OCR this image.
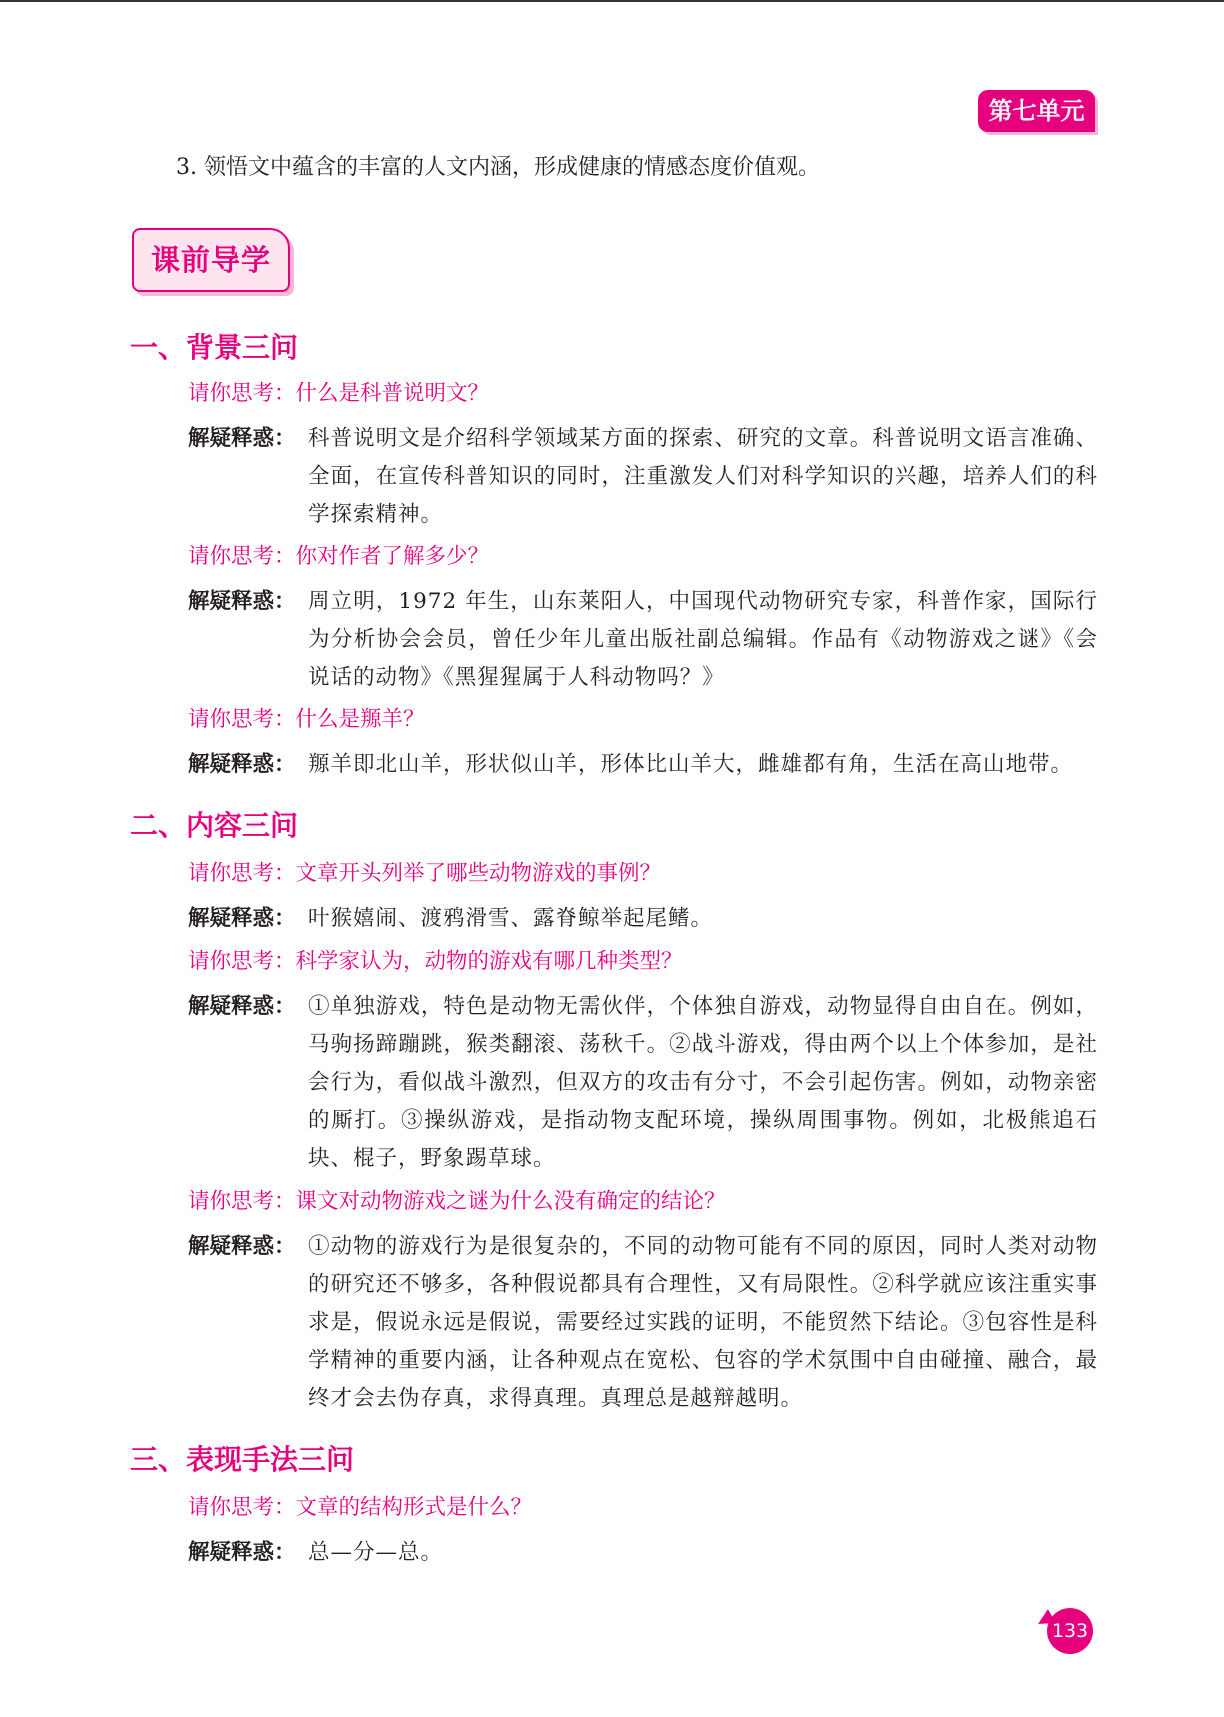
第七单元
3. 领悟文中蕴含的丰富的人文内涵，形成健康的情感态度价值观。
课前导学
一、背景三问
请你思考：什么是科普说明文？
解疑释惑： 科普说明文是介绍科学领域某方面的探索、研究的文章。科普说明文语言准确、全面，在宣传科普知识的同时，注重激发人们对科学知识的兴趣，培养人们的科学探索精神。
请你思考：你对作者了解多少？
解疑释惑： 周立明，1972 年生，山东莱阳人，中国现代动物研究专家，科普作家，国际行为分析协会会员，曾任少年儿童出版社副总编辑。作品有《动物游戏之谜》《会说话的动物》《黑猩猩属于人科动物吗？》
请你思考：什么是羱羊？
解疑释惑： 羱羊即北山羊，形状似山羊，形体比山羊大，雌雄都有角，生活在高山地带。
二、内容三问
请你思考：文章开头列举了哪些动物游戏的事例？
解疑释惑： 叶猴嬉闹、渡鸦滑雪、露脊鲸举起尾鳍。
请你思考：科学家认为，动物的游戏有哪几种类型？
解疑释惑： ①单独游戏，特色是动物无需伙伴，个体独自游戏，动物显得自由自在。例如，马驹扬蹄蹦跳，猴类翻滚、荡秋千。②战斗游戏，得由两个以上个体参加，是社会行为，看似战斗激烈，但双方的攻击有分寸，不会引起伤害。例如，动物亲密的厮打。③操纵游戏，是指动物支配环境，操纵周围事物。例如，北极熊追石块、棍子，野象踢草球。
请你思考：课文对动物游戏之谜为什么没有确定的结论？
解疑释惑： ①动物的游戏行为是很复杂的，不同的动物可能有不同的原因，同时人类对动物的研究还不够多，各种假说都具有合理性，又有局限性。②科学就应该注重实事求是，假说永远是假说，需要经过实践的证明，不能贸然下结论。③包容性是科学精神的重要内涵，让各种观点在宽松、包容的学术氛围中自由碰撞、融合，最终才会去伪存真，求得真理。真理总是越辩越明。
三、表现手法三问
请你思考：文章的结构形式是什么？
解疑释惑： 总—分—总。
133
